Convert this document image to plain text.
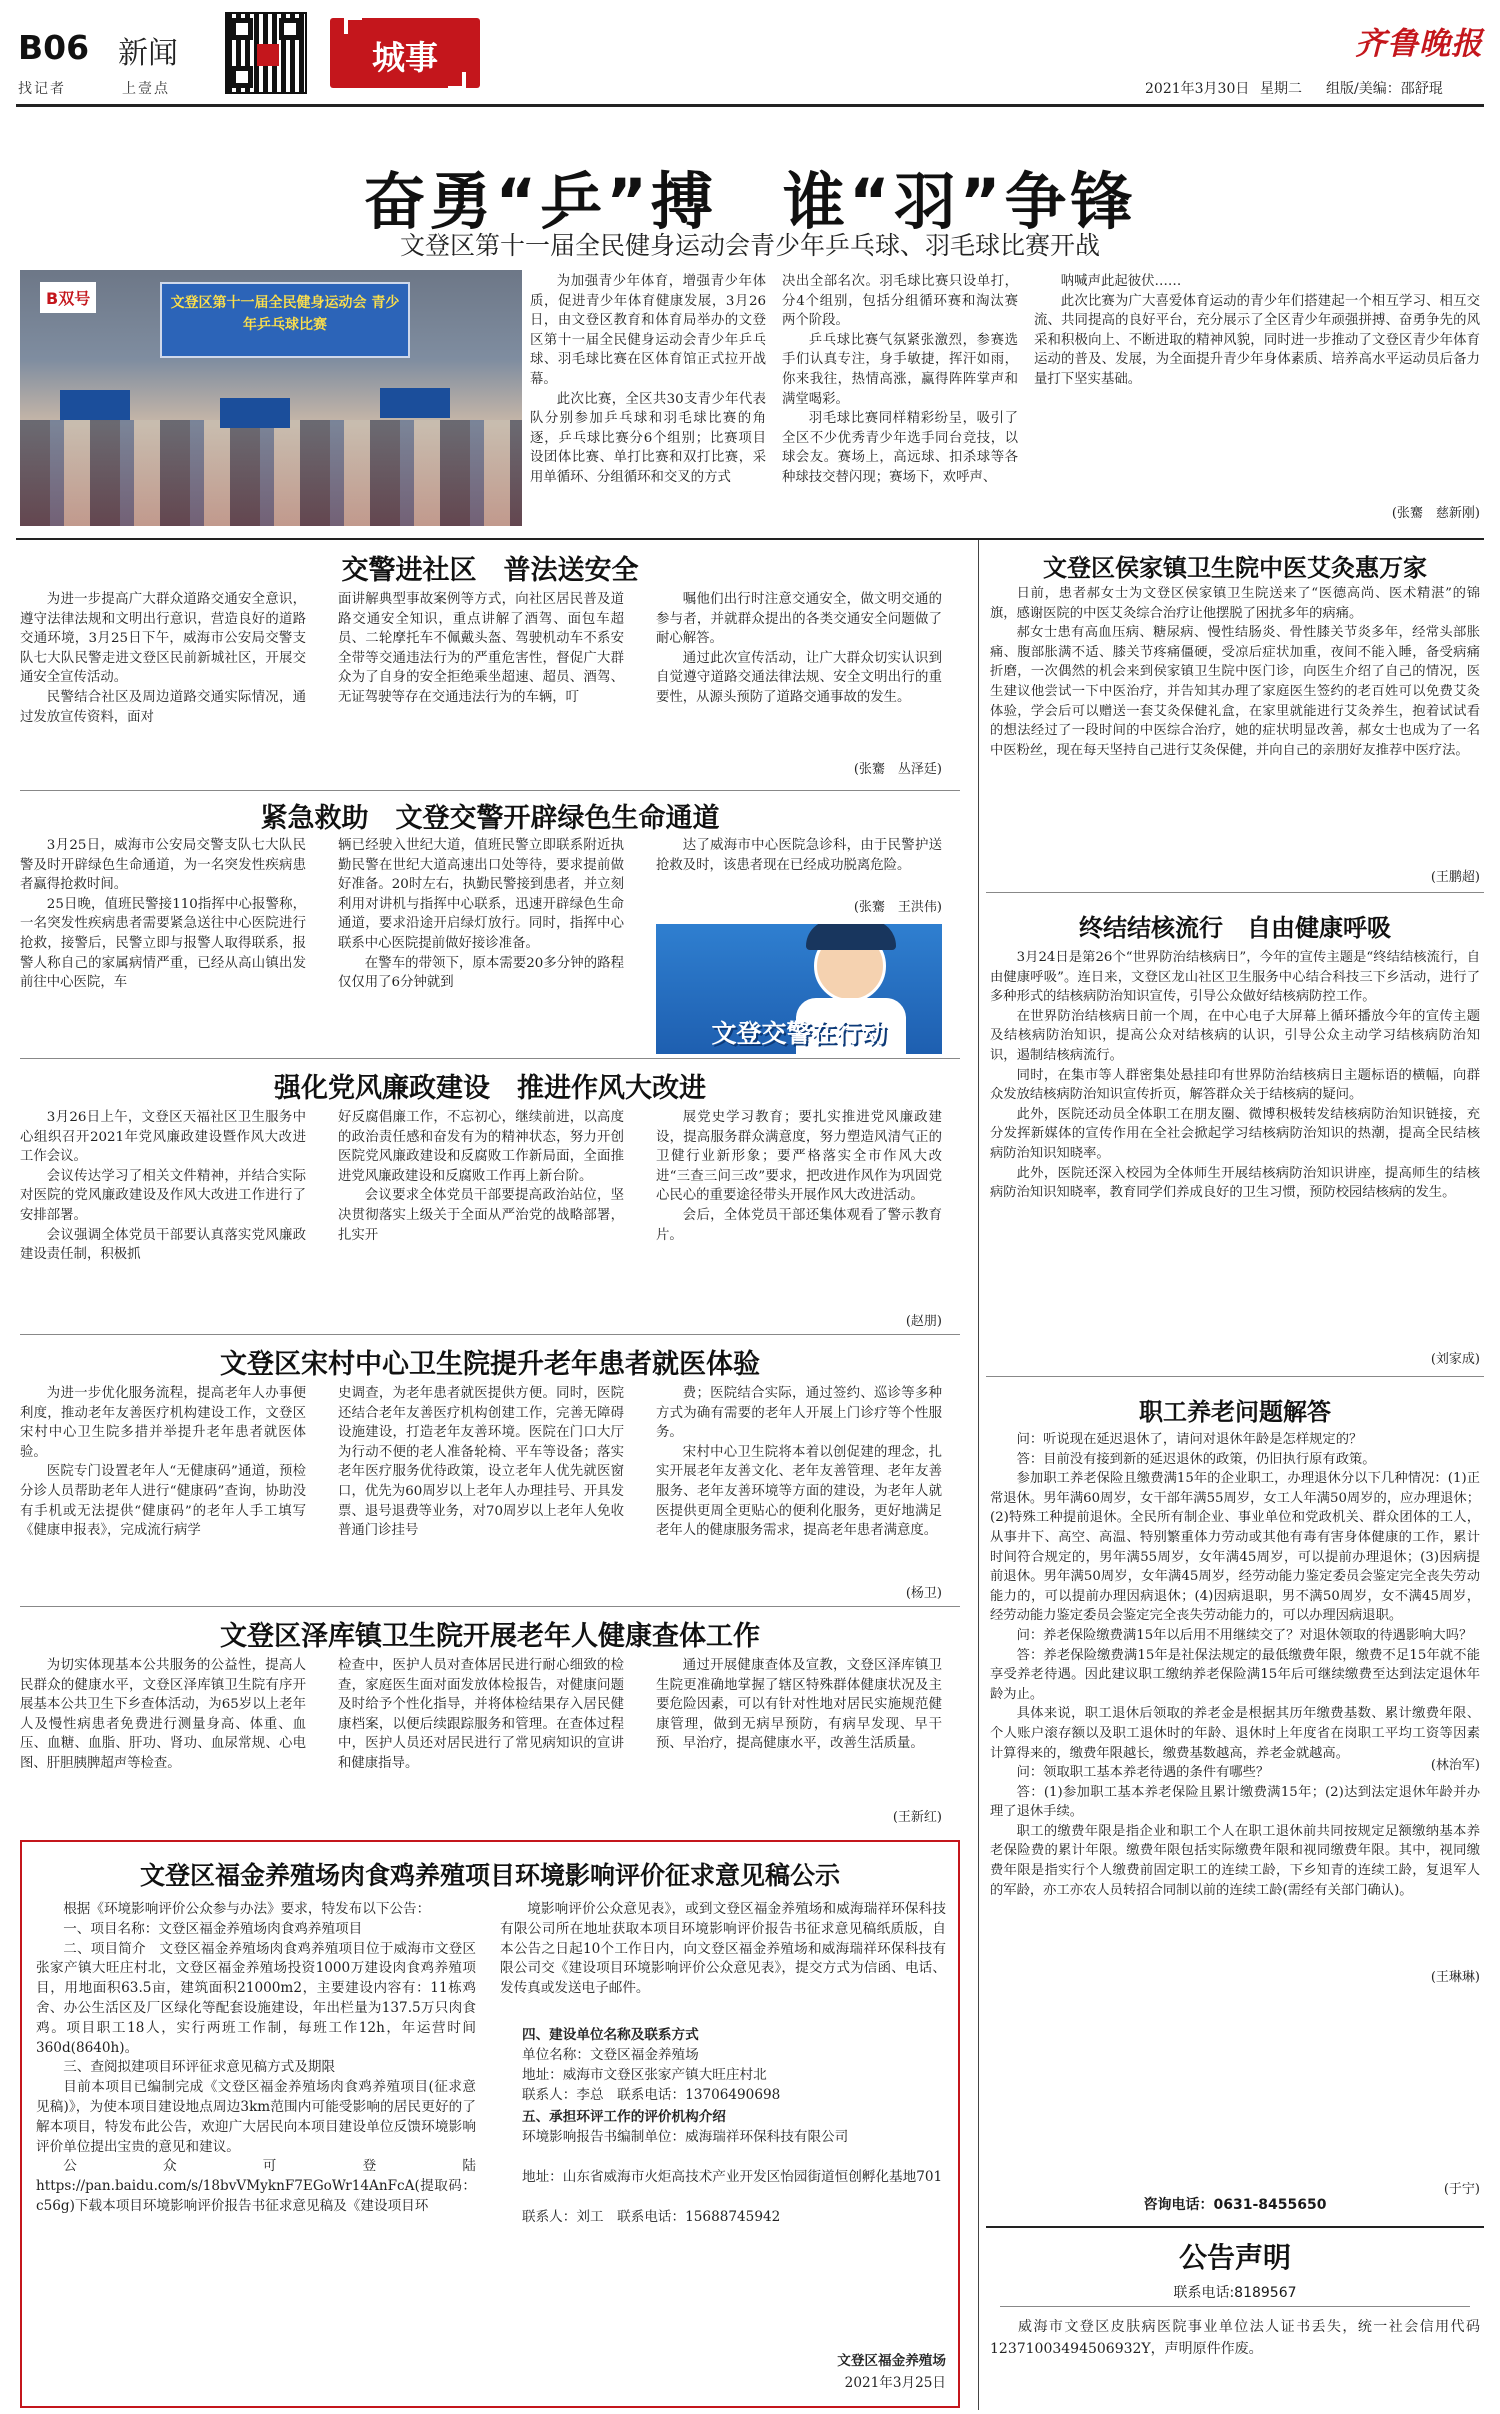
B06 新闻
找记者	上壹点
城事	齐鲁晚报
2021年3月30日 星期二 组版/美编：邵舒琨
奋勇“乒”搏　谁“羽”争锋
文登区第十一届全民健身运动会青少年乒乓球、羽毛球比赛开战
文登区第十一届全民健身运动会 青少年乒乓球比赛
B双号

为加强青少年体育，增强青少年体质，促进青少年体育健康发展，3月26日，由文登区教育和体育局举办的文登区第十一届全民健身运动会青少年乒乓球、羽毛球比赛在区体育馆正式拉开战幕。

此次比赛，全区共30支青少年代表队分别参加乒乓球和羽毛球比赛的角逐，乒乓球比赛分6个组别；比赛项目设团体比赛、单打比赛和双打比赛，采用单循环、分组循环和交叉的方式

决出全部名次。羽毛球比赛只设单打，分4个组别，包括分组循环赛和淘汰赛两个阶段。

乒乓球比赛气氛紧张激烈，参赛选手们认真专注，身手敏捷，挥汗如雨，你来我往，热情高涨，赢得阵阵掌声和满堂喝彩。

羽毛球比赛同样精彩纷呈，吸引了全区不少优秀青少年选手同台竞技，以球会友。赛场上，高远球、扣杀球等各种球技交替闪现；赛场下，欢呼声、

呐喊声此起彼伏……

此次比赛为广大喜爱体育运动的青少年们搭建起一个相互学习、相互交流、共同提高的良好平台，充分展示了全区青少年顽强拼搏、奋勇争先的风采和积极向上、不断进取的精神风貌，同时进一步推动了文登区青少年体育运动的普及、发展，为全面提升青少年身体素质、培养高水平运动员后备力量打下坚实基础。

(张騫　慈新刚)
交警进社区　普法送安全

为进一步提高广大群众道路交通安全意识，遵守法律法规和文明出行意识，营造良好的道路交通环境，3月25日下午，威海市公安局交警支队七大队民警走进文登区民前新城社区，开展交通安全宣传活动。

民警结合社区及周边道路交通实际情况，通过发放宣传资料，面对

面讲解典型事故案例等方式，向社区居民普及道路交通安全知识，重点讲解了酒驾、面包车超员、二轮摩托车不佩戴头盔、驾驶机动车不系安全带等交通违法行为的严重危害性，督促广大群众为了自身的安全拒绝乘坐超速、超员、酒驾、无证驾驶等存在交通违法行为的车辆，叮

嘱他们出行时注意交通安全，做文明交通的参与者，并就群众提出的各类交通安全问题做了耐心解答。

通过此次宣传活动，让广大群众切实认识到自觉遵守道路交通法律法规、安全文明出行的重要性，从源头预防了道路交通事故的发生。

(张騫　丛泽廷)
紧急救助　文登交警开辟绿色生命通道

3月25日，威海市公安局交警支队七大队民警及时开辟绿色生命通道，为一名突发性疾病患者赢得抢救时间。

25日晚，值班民警接110指挥中心报警称，一名突发性疾病患者需要紧急送往中心医院进行抢救，接警后，民警立即与报警人取得联系，报警人称自己的家属病情严重，已经从高山镇出发前往中心医院，车

辆已经驶入世纪大道，值班民警立即联系附近执勤民警在世纪大道高速出口处等待，要求提前做好准备。20时左右，执勤民警接到患者，并立刻利用对讲机与指挥中心联系，迅速开辟绿色生命通道，要求沿途开启绿灯放行。同时，指挥中心联系中心医院提前做好接诊准备。

在警车的带领下，原本需要20多分钟的路程仅仅用了6分钟就到

达了威海市中心医院急诊科，由于民警护送抢救及时，该患者现在已经成功脱离危险。

(张騫　王洪伟)
文登交警在行动
强化党风廉政建设　推进作风大改进

3月26日上午，文登区天福社区卫生服务中心组织召开2021年党风廉政建设暨作风大改进工作会议。

会议传达学习了相关文件精神，并结合实际对医院的党风廉政建设及作风大改进工作进行了安排部署。

会议强调全体党员干部要认真落实党风廉政建设责任制，积极抓

好反腐倡廉工作，不忘初心，继续前进，以高度的政治责任感和奋发有为的精神状态，努力开创医院党风廉政建设和反腐败工作新局面，全面推进党风廉政建设和反腐败工作再上新台阶。

会议要求全体党员干部要提高政治站位，坚决贯彻落实上级关于全面从严治党的战略部署，扎实开

展党史学习教育；要扎实推进党风廉政建设，提高服务群众满意度，努力塑造风清气正的卫健行业新形象；要严格落实全市作风大改进“三查三问三改”要求，把改进作风作为巩固党心民心的重要途径带头开展作风大改进活动。

会后，全体党员干部还集体观看了警示教育片。

(赵朋)
文登区宋村中心卫生院提升老年患者就医体验

为进一步优化服务流程，提高老年人办事便利度，推动老年友善医疗机构建设工作，文登区宋村中心卫生院多措并举提升老年患者就医体验。

医院专门设置老年人“无健康码”通道，预检分诊人员帮助老年人进行“健康码”查询，协助没有手机或无法提供“健康码”的老年人手工填写《健康申报表》，完成流行病学

史调查，为老年患者就医提供方便。同时，医院还结合老年友善医疗机构创建工作，完善无障碍设施建设，打造老年友善环境。医院在门口大厅为行动不便的老人准备轮椅、平车等设备；落实老年医疗服务优待政策，设立老年人优先就医窗口，优先为60周岁以上老年人办理挂号、开具发票、退号退费等业务，对70周岁以上老年人免收普通门诊挂号

费；医院结合实际，通过签约、巡诊等多种方式为确有需要的老年人开展上门诊疗等个性服务。

宋村中心卫生院将本着以创促建的理念，扎实开展老年友善文化、老年友善管理、老年友善服务、老年友善环境等方面的建设，为老年人就医提供更周全更贴心的便利化服务，更好地满足老年人的健康服务需求，提高老年患者满意度。

(杨卫)
文登区泽库镇卫生院开展老年人健康查体工作

为切实体现基本公共服务的公益性，提高人民群众的健康水平，文登区泽库镇卫生院有序开展基本公共卫生下乡查体活动，为65岁以上老年人及慢性病患者免费进行测量身高、体重、血压、血糖、血脂、肝功、肾功、血尿常规、心电图、肝胆胰脾超声等检查。

检查中，医护人员对查体居民进行耐心细致的检查，家庭医生面对面发放体检报告，对健康问题及时给予个性化指导，并将体检结果存入居民健康档案，以便后续跟踪服务和管理。在查体过程中，医护人员还对居民进行了常见病知识的宣讲和健康指导。

通过开展健康查体及宣教，文登区泽库镇卫生院更准确地掌握了辖区特殊群体健康状况及主要危险因素，可以有针对性地对居民实施规范健康管理，做到无病早预防，有病早发现、早干预、早治疗，提高健康水平，改善生活质量。

(王新红)
文登区福金养殖场肉食鸡养殖项目环境影响评价征求意见稿公示

根据《环境影响评价公众参与办法》要求，特发布以下公告：

一、项目名称：文登区福金养殖场肉食鸡养殖项目

二、项目简介　文登区福金养殖场肉食鸡养殖项目位于威海市文登区张家产镇大旺庄村北，文登区福金养殖场投资1000万建设肉食鸡养殖项目，用地面积63.5亩，建筑面积21000m2，主要建设内容有：11栋鸡舍、办公生活区及厂区绿化等配套设施建设，年出栏量为137.5万只肉食鸡。项目职工18人，实行两班工作制，每班工作12h，年运营时间360d(8640h)。

三、查阅拟建项目环评征求意见稿方式及期限

目前本项目已编制完成《文登区福金养殖场肉食鸡养殖项目(征求意见稿)》，为使本项目建设地点周边3km范围内可能受影响的居民更好的了解本项目，特发布此公告，欢迎广大居民向本项目建设单位反馈环境影响评价单位提出宝贵的意见和建议。

公众可登陆https://pan.baidu.com/s/18bvVMyknF7EGoWr14AnFcA(提取码：c56g)下载本项目环境影响评价报告书征求意见稿及《建设项目环

境影响评价公众意见表》，或到文登区福金养殖场和威海瑞祥环保科技有限公司所在地址获取本项目环境影响评价报告书征求意见稿纸质版，自本公告之日起10个工作日内，向文登区福金养殖场和威海瑞祥环保科技有限公司交《建设项目环境影响评价公众意见表》，提交方式为信函、电话、发传真或发送电子邮件。

四、建设单位名称及联系方式
单位名称：文登区福金养殖场
地址：威海市文登区张家产镇大旺庄村北
联系人：李总　联系电话：13706490698
五、承担环评工作的评价机构介绍
环境影响报告书编制单位：威海瑞祥环保科技有限公司
地址：山东省威海市火炬高技术产业开发区怡园街道恒创孵化基地701
联系人：刘工　联系电话：15688745942
文登区福金养殖场
2021年3月25日
文登区侯家镇卫生院中医艾灸惠万家

日前，患者郝女士为文登区侯家镇卫生院送来了“医德高尚、医术精湛”的锦旗，感谢医院的中医艾灸综合治疗让他摆脱了困扰多年的病痛。

郝女士患有高血压病、糖尿病、慢性结肠炎、骨性膝关节炎多年，经常头部胀痛、腹部胀满不适、膝关节疼痛僵硬，受凉后症状加重，夜间不能入睡，备受病痛折磨，一次偶然的机会来到侯家镇卫生院中医门诊，向医生介绍了自己的情况，医生建议他尝试一下中医治疗，并告知其办理了家庭医生签约的老百姓可以免费艾灸体验，学会后可以赠送一套艾灸保健礼盒，在家里就能进行艾灸养生，抱着试试看的想法经过了一段时间的中医综合治疗，她的症状明显改善，郝女士也成为了一名中医粉丝，现在每天坚持自己进行艾灸保健，并向自己的亲朋好友推荐中医疗法。

(王鹏超)
终结结核流行　自由健康呼吸

3月24日是第26个“世界防治结核病日”，今年的宣传主题是“终结结核流行，自由健康呼吸”。连日来，文登区龙山社区卫生服务中心结合科技三下乡活动，进行了多种形式的结核病防治知识宣传，引导公众做好结核病防控工作。

在世界防治结核病日前一个周，在中心电子大屏幕上循环播放今年的宣传主题及结核病防治知识，提高公众对结核病的认识，引导公众主动学习结核病防治知识，遏制结核病流行。

同时，在集市等人群密集处悬挂印有世界防治结核病日主题标语的横幅，向群众发放结核病防治知识宣传折页，解答群众关于结核病的疑问。

此外，医院还动员全体职工在朋友圈、微博积极转发结核病防治知识链接，充分发挥新媒体的宣传作用在全社会掀起学习结核病防治知识的热潮，提高全民结核病防治知识知晓率。

此外，医院还深入校园为全体师生开展结核病防治知识讲座，提高师生的结核病防治知识知晓率，教育同学们养成良好的卫生习惯，预防校园结核病的发生。

(刘家成)
职工养老问题解答

问：听说现在延迟退休了，请问对退休年龄是怎样规定的？

答：目前没有接到新的延迟退休的政策，仍旧执行原有政策。

参加职工养老保险且缴费满15年的企业职工，办理退休分以下几种情况：(1)正常退休。男年满60周岁，女干部年满55周岁，女工人年满50周岁的，应办理退休；(2)特殊工种提前退休。全民所有制企业、事业单位和党政机关、群众团体的工人，从事井下、高空、高温、特别繁重体力劳动或其他有毒有害身体健康的工作，累计时间符合规定的，男年满55周岁，女年满45周岁，可以提前办理退休；(3)因病提前退休。男年满50周岁，女年满45周岁，经劳动能力鉴定委员会鉴定完全丧失劳动能力的，可以提前办理因病退休；(4)因病退职，男不满50周岁，女不满45周岁，经劳动能力鉴定委员会鉴定完全丧失劳动能力的，可以办理因病退职。

问：养老保险缴费满15年以后用不用继续交了？对退休领取的待遇影响大吗？

答：养老保险缴费满15年是社保法规定的最低缴费年限，缴费不足15年就不能享受养老待遇。因此建议职工缴纳养老保险满15年后可继续缴费至达到法定退休年龄为止。

具体来说，职工退休后领取的养老金是根据其历年缴费基数、累计缴费年限、个人账户滚存额以及职工退休时的年龄、退休时上年度省在岗职工平均工资等因素计算得来的，缴费年限越长，缴费基数越高，养老金就越高。

问：领取职工基本养老待遇的条件有哪些？

答：(1)参加职工基本养老保险且累计缴费满15年；(2)达到法定退休年龄并办理了退休手续。

职工的缴费年限是指企业和职工个人在职工退休前共同按规定足额缴纳基本养老保险费的累计年限。缴费年限包括实际缴费年限和视同缴费年限。其中，视同缴费年限是指实行个人缴费前固定职工的连续工龄，下乡知青的连续工龄，复退军人的军龄，亦工亦农人员转招合同制以前的连续工龄(需经有关部门确认)。

(林治军)
(王琳琳)
(于宁)
咨询电话：0631-8455650
公告声明
联系电话:8189567

威海市文登区皮肤病医院事业单位法人证书丢失，统一社会信用代码12371003494506932Y，声明原件作废。
